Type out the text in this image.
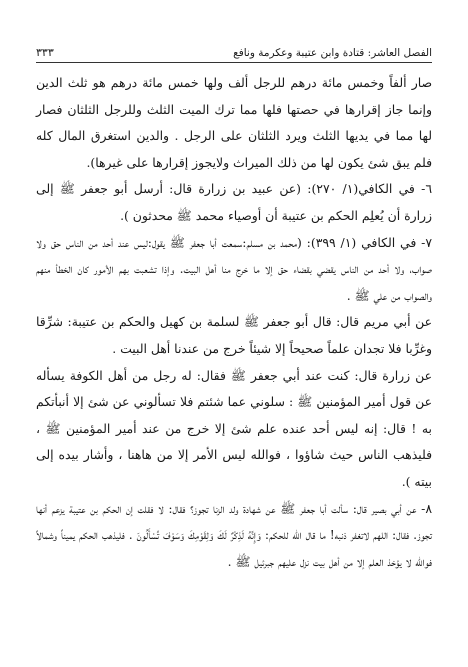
٣٣٣	الفصل العاشر: قتادة وابن عتيبة وعكرمة ونافع

صار ألفاً وخمس مائة درهم للرجل ألف ولها خمس مائة درهم هو ثلث الدين وإنما جاز إقرارها في حصتها فلها مما ترك الميت الثلث وللرجل الثلثان فصار لها مما في يديها الثلث ويرد الثلثان على الرجل . والدين استغرق المال كله فلم يبق شئ يكون لها من ذلك الميراث ولايجوز إقرارها على غيرها).

٦- في الكافي(١/ ٢٧٠): (عن عبيد بن زرارة قال: أرسل أبو جعفر ﷺ إلى زرارة أن يُعلِم الحكم بن عتيبة أن أوصياء محمد ﷺ محدثون ).

٧- في الكافي (١/ ٣٩٩): (محمد بن مسلم:سمعت أبا جعفر ﷺ يقول:ليس عند أحد من الناس حق ولا صواب، ولا أحد من الناس يقضي بقضاء حق إلا ما خرج منا أهل البيت. وإذا تشعبت بهم الأمور كان الخطأ منهم والصواب من علي ﷺ .

عن أبي مريم قال: قال أبو جعفر ﷺ لسلمة بن كهيل والحكم بن عتيبة: شرِّقا وغرِّبا فلا تجدان علماً صحيحاً إلا شيئاً خرج من عندنا أهل البيت .

عن زرارة قال: كنت عند أبي جعفر ﷺ فقال: له رجل من أهل الكوفة يسأله عن قول أمير المؤمنين ﷺ : سلوني عما شئتم فلا تسألوني عن شئ إلا أنبأتكم به ! قال: إنه ليس أحد عنده علم شئ إلا خرج من عند أمير المؤمنين ﷺ ، فليذهب الناس حيث شاؤوا ، فوالله ليس الأمر إلا من هاهنا ، وأشار بيده إلى بيته ).

٨- عن أبي بصير قال: سألت أبا جعفر ﷺ عن شهادة ولد الزنا تجوز؟ فقال: لا فقلت إن الحكم بن عتيبة يزعم أنها تجوز. فقال: اللهم لاتغفر ذنبه! ما قال الله للحكم: وَإِنَّهُ لَذِكْرٌ لَكَ وَلِقَوْمِكَ وَسَوْفَ تُسْأَلُونَ . فليذهب الحكم يميناً وشمالاً فوالله لا يؤخذ العلم إلا من أهل بيت نزل عليهم جبرئيل ﷺ .
